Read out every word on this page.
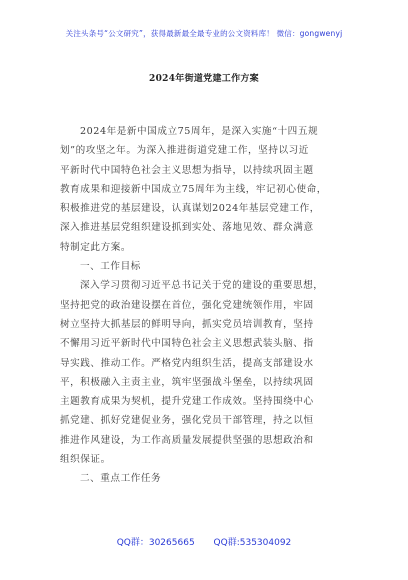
关注头条号“公文研究”，获得最新最全最专业的公文资料库！ 微信：gongwenyj
2024年街道党建工作方案
2024年是新中国成立75周年，是深入实施“十四五规
划”的攻坚之年。为深入推进街道党建工作，坚持以习近
平新时代中国特色社会主义思想为指导，以持续巩固主题
教育成果和迎接新中国成立75周年为主线，牢记初心使命，
积极推进党的基层建设，认真谋划2024年基层党建工作，
深入推进基层党组织建设抓到实处、落地见效、群众满意
特制定此方案。
一、工作目标
深入学习贯彻习近平总书记关于党的建设的重要思想，
坚持把党的政治建设摆在首位，强化党建统领作用，牢固
树立坚持大抓基层的鲜明导向，抓实党员培训教育，坚持
不懈用习近平新时代中国特色社会主义思想武装头脑、指
导实践、推动工作。严格党内组织生活，提高支部建设水
平，积极融入主责主业，筑牢坚强战斗堡垒，以持续巩固
主题教育成果为契机，提升党建工作成效。坚持围绕中心
抓党建、抓好党建促业务，强化党员干部管理，持之以恒
推进作风建设，为工作高质量发展提供坚强的思想政治和
组织保证。
二、重点工作任务
QQ群：30265665 QQ群:535304092
